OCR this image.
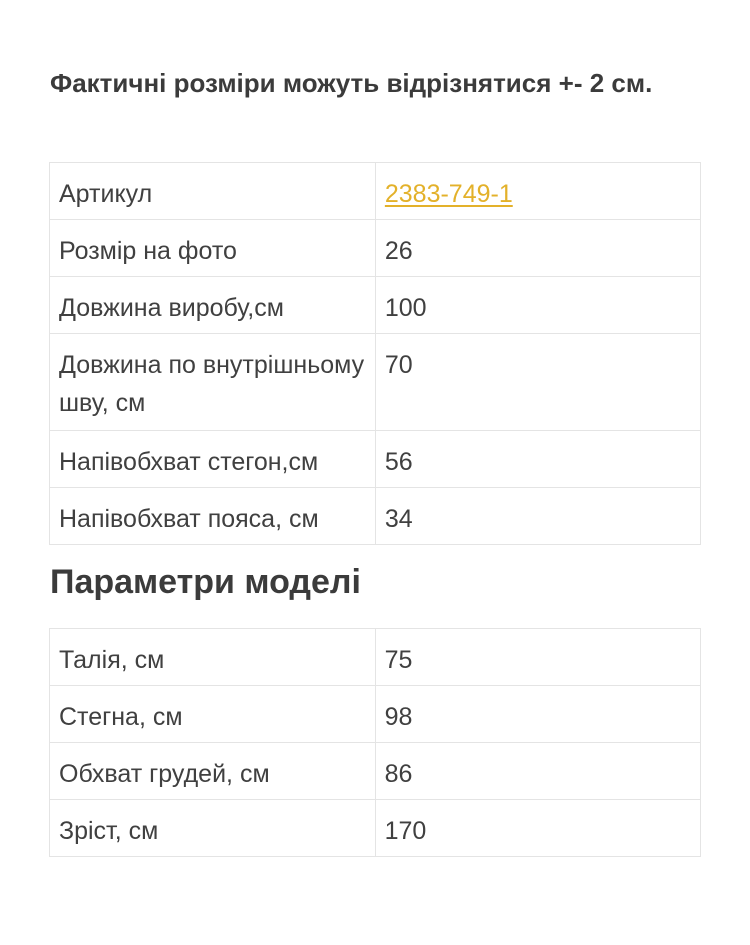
Фактичні розміри можуть відрізнятися +- 2 см.

Артикул	2383-749-1
Розмір на фото	26
Довжина виробу,см	100
Довжина по внутрішньому шву, см	70
Напівобхват стегон,см	56
Напівобхват пояса, см	34
Параметри моделі
Талія, см	75
Стегна, см	98
Обхват грудей, см	86
Зріст, см	170
